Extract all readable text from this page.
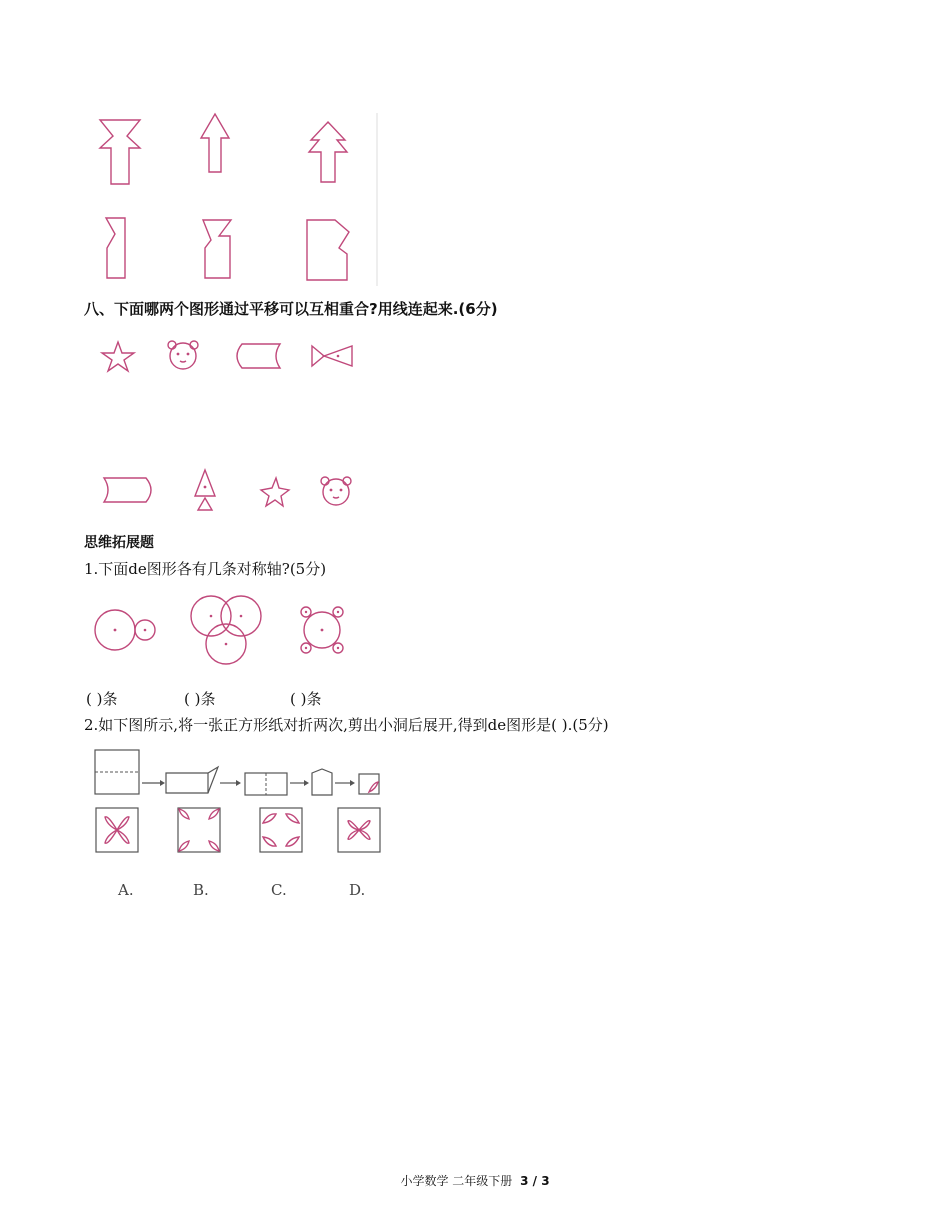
八、下面哪两个图形通过平移可以互相重合?用线连起来.(6分)
思维拓展题
1.下面de图形各有几条对称轴?(5分)
( )条	( )条	( )条
2.如下图所示,将一张正方形纸对折两次,剪出小洞后展开,得到de图形是( ).(5分)
A.	B.	C.	D.
小学数学 二年级下册 3 / 3
